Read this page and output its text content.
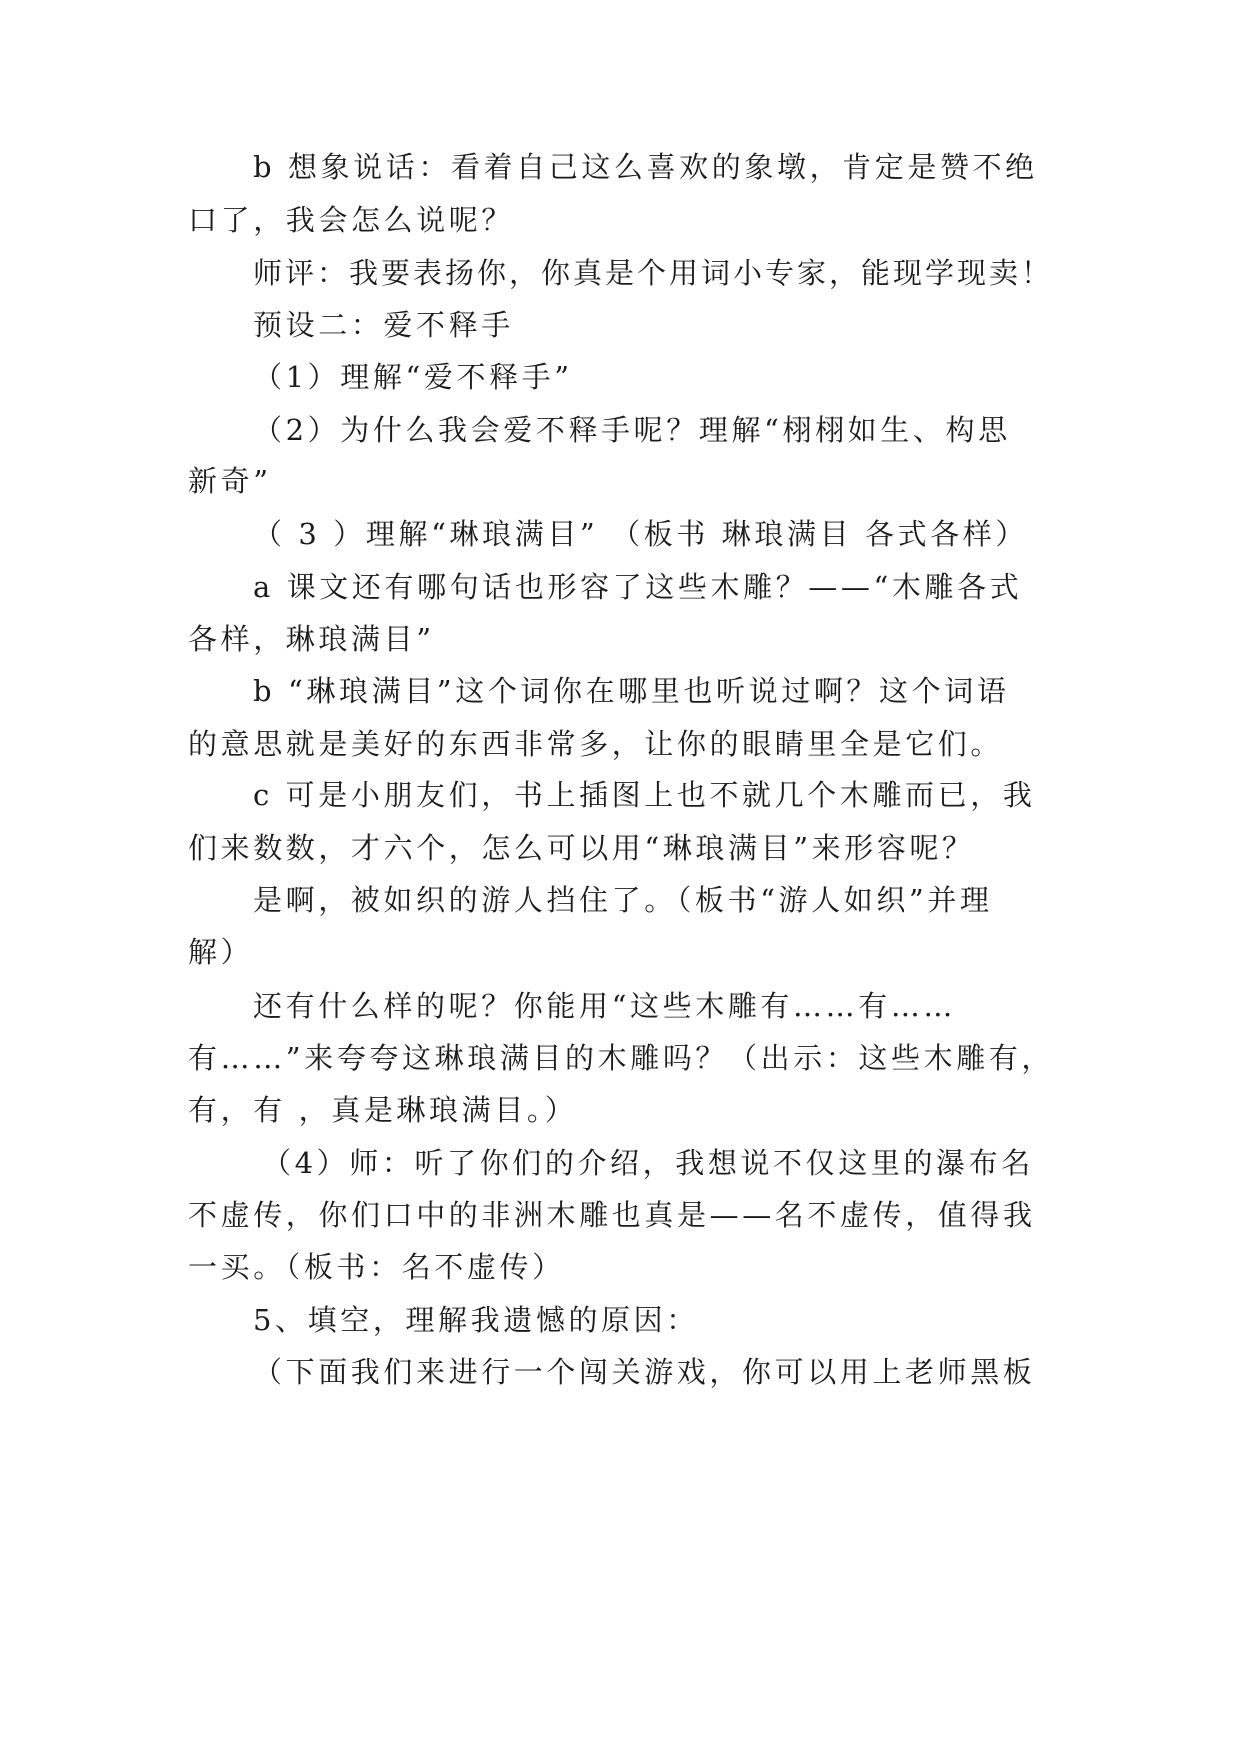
b 想象说话：看着自己这么喜欢的象墩，肯定是赞不绝
口了，我会怎么说呢？
师评：我要表扬你，你真是个用词小专家，能现学现卖！
预设二：爱不释手
（1）理解“爱不释手”
（2）为什么我会爱不释手呢？理解“栩栩如生、构思
新奇”
（ 3 ）理解“琳琅满目” （板书 琳琅满目 各式各样）
a 课文还有哪句话也形容了这些木雕？——“木雕各式
各样，琳琅满目”
b “琳琅满目”这个词你在哪里也听说过啊？这个词语
的意思就是美好的东西非常多，让你的眼睛里全是它们。
c 可是小朋友们，书上插图上也不就几个木雕而已，我
们来数数，才六个，怎么可以用“琳琅满目”来形容呢？
是啊，被如织的游人挡住了。（板书“游人如织”并理
解）
还有什么样的呢？你能用“这些木雕有……有……
有……”来夸夸这琳琅满目的木雕吗？（出示：这些木雕有，
有，有 ，真是琳琅满目。）
（4）师：听了你们的介绍，我想说不仅这里的瀑布名
不虚传，你们口中的非洲木雕也真是——名不虚传，值得我
一买。（板书：名不虚传）
5、填空，理解我遗憾的原因：
（下面我们来进行一个闯关游戏，你可以用上老师黑板
